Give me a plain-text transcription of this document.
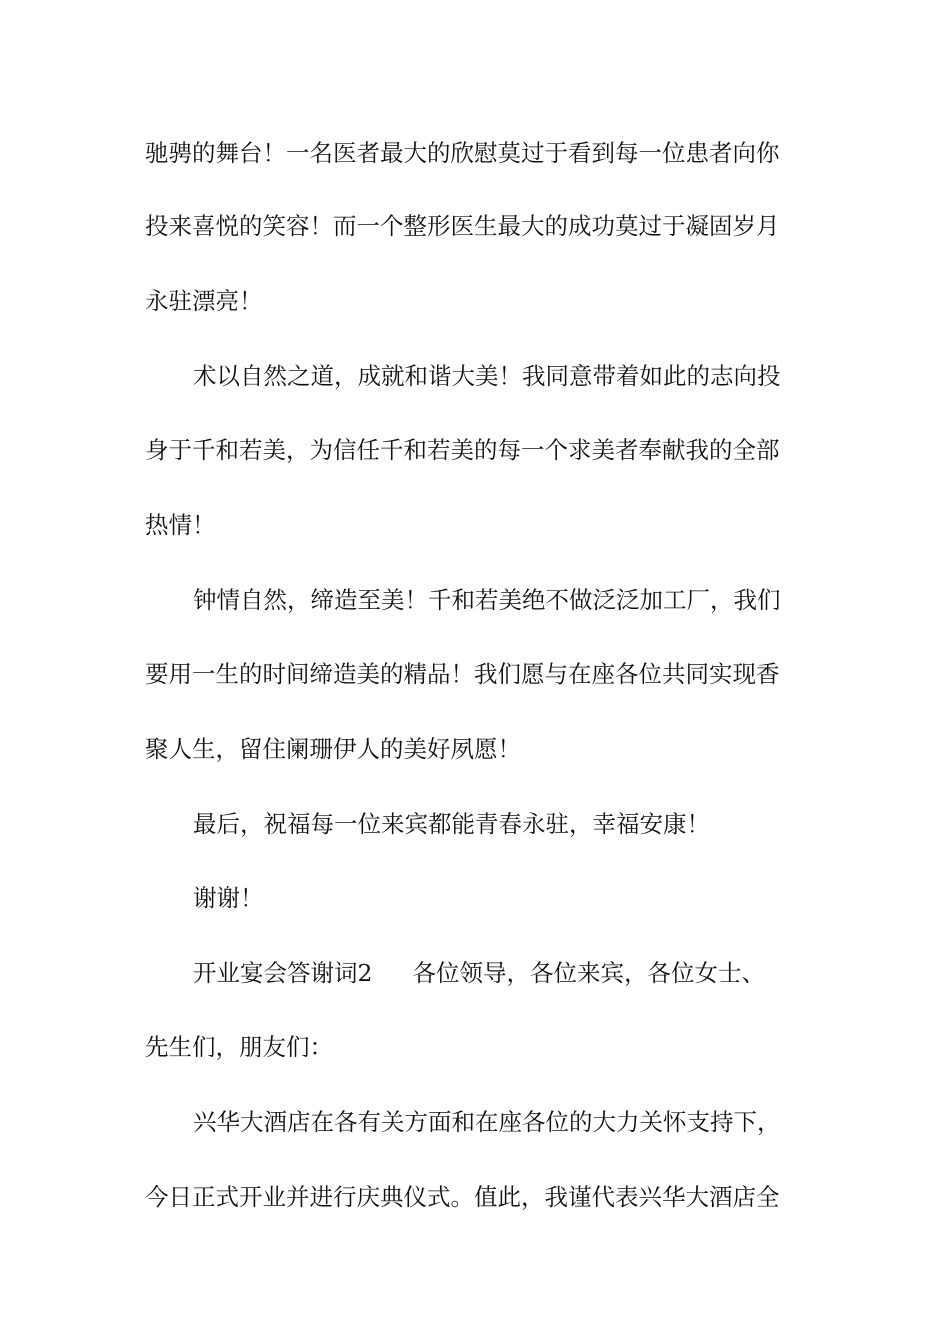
驰骋的舞台！一名医者最大的欣慰莫过于看到每一位患者向你
投来喜悦的笑容！而一个整形医生最大的成功莫过于凝固岁月
永驻漂亮！
术以自然之道，成就和谐大美！我同意带着如此的志向投
身于千和若美，为信任千和若美的每一个求美者奉献我的全部
热情！
钟情自然，缔造至美！千和若美绝不做泛泛加工厂，我们
要用一生的时间缔造美的精品！我们愿与在座各位共同实现香
聚人生，留住阑珊伊人的美好夙愿！
最后，祝福每一位来宾都能青春永驻，幸福安康！
谢谢！
开业宴会答谢词2 各位领导，各位来宾，各位女士、
先生们，朋友们：
兴华大酒店在各有关方面和在座各位的大力关怀支持下，
今日正式开业并进行庆典仪式。值此，我谨代表兴华大酒店全
